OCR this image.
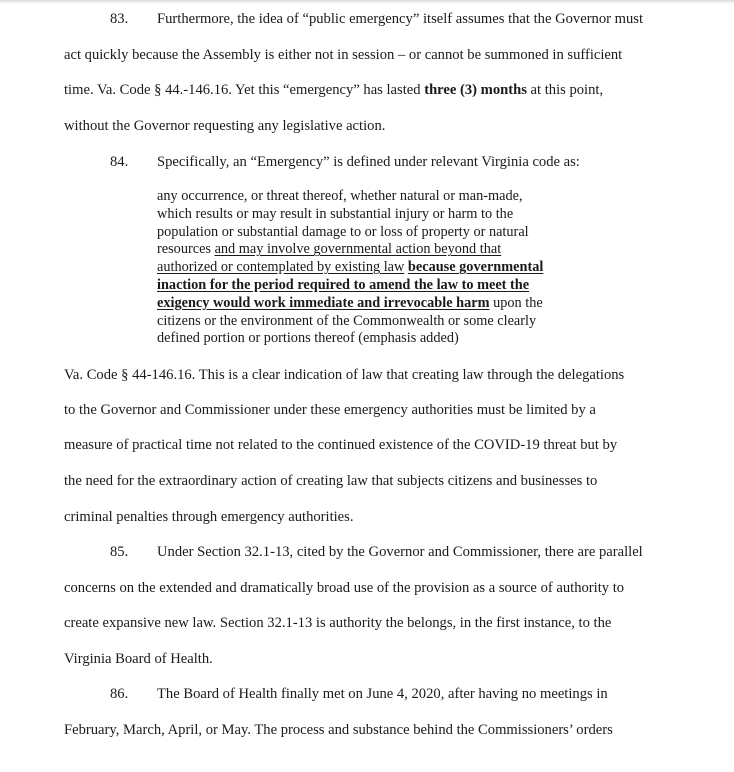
83. Furthermore, the idea of “public emergency” itself assumes that the Governor must
act quickly because the Assembly is either not in session – or cannot be summoned in sufficient
time. Va. Code § 44.-146.16. Yet this “emergency” has lasted three (3) months at this point,
without the Governor requesting any legislative action.
84. Specifically, an “Emergency” is defined under relevant Virginia code as:
any occurrence, or threat thereof, whether natural or man-made,
which results or may result in substantial injury or harm to the
population or substantial damage to or loss of property or natural
resources and may involve governmental action beyond that
authorized or contemplated by existing law because governmental
inaction for the period required to amend the law to meet the
exigency would work immediate and irrevocable harm upon the
citizens or the environment of the Commonwealth or some clearly
defined portion or portions thereof (emphasis added)
Va. Code § 44-146.16. This is a clear indication of law that creating law through the delegations
to the Governor and Commissioner under these emergency authorities must be limited by a
measure of practical time not related to the continued existence of the COVID-19 threat but by
the need for the extraordinary action of creating law that subjects citizens and businesses to
criminal penalties through emergency authorities.
85. Under Section 32.1-13, cited by the Governor and Commissioner, there are parallel
concerns on the extended and dramatically broad use of the provision as a source of authority to
create expansive new law. Section 32.1-13 is authority the belongs, in the first instance, to the
Virginia Board of Health.
86. The Board of Health finally met on June 4, 2020, after having no meetings in
February, March, April, or May. The process and substance behind the Commissioners’ orders
